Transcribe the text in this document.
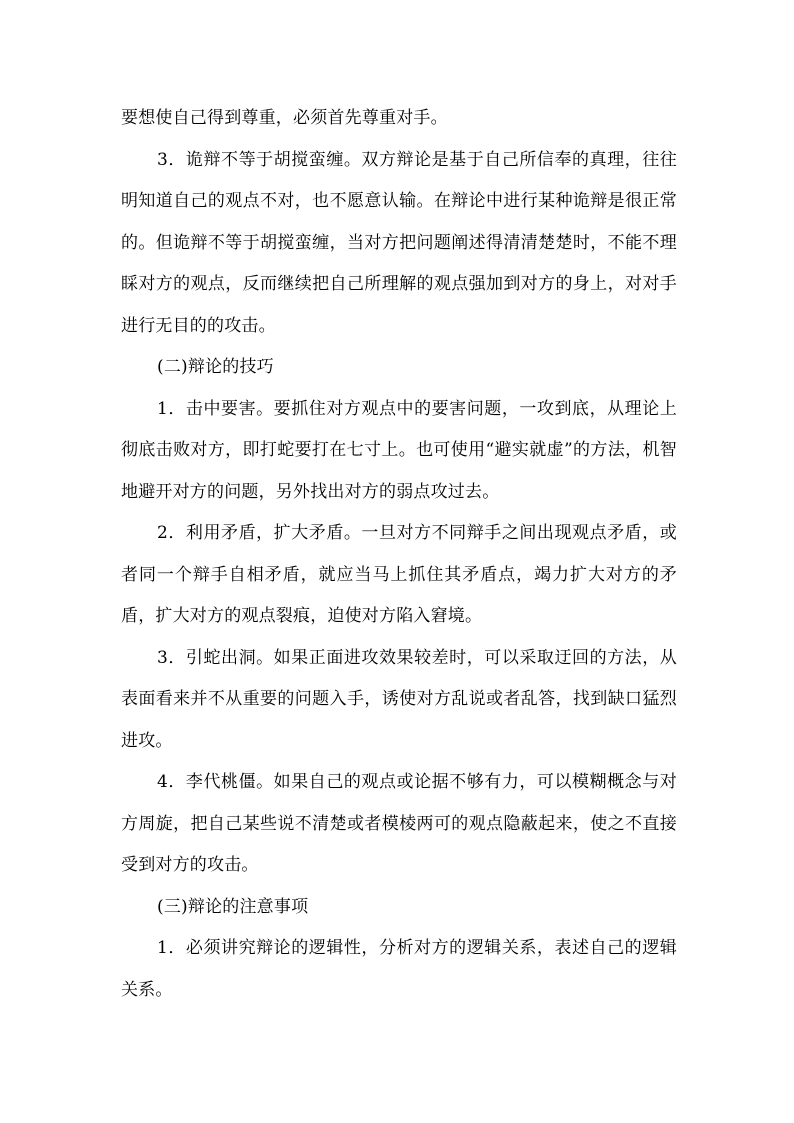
要想使自己得到尊重，必须首先尊重对手。

3．诡辩不等于胡搅蛮缠。双方辩论是基于自己所信奉的真理，往往明知道自己的观点不对，也不愿意认输。在辩论中进行某种诡辩是很正常的。但诡辩不等于胡搅蛮缠，当对方把问题阐述得清清楚楚时，不能不理睬对方的观点，反而继续把自己所理解的观点强加到对方的身上，对对手进行无目的的攻击。

(二)辩论的技巧

1．击中要害。要抓住对方观点中的要害问题，一攻到底，从理论上彻底击败对方，即打蛇要打在七寸上。也可使用“避实就虚”的方法，机智地避开对方的问题，另外找出对方的弱点攻过去。

2．利用矛盾，扩大矛盾。一旦对方不同辩手之间出现观点矛盾，或者同一个辩手自相矛盾，就应当马上抓住其矛盾点，竭力扩大对方的矛盾，扩大对方的观点裂痕，迫使对方陷入窘境。

3．引蛇出洞。如果正面进攻效果较差时，可以采取迂回的方法，从表面看来并不从重要的问题入手，诱使对方乱说或者乱答，找到缺口猛烈进攻。

4．李代桃僵。如果自己的观点或论据不够有力，可以模糊概念与对方周旋，把自己某些说不清楚或者模棱两可的观点隐蔽起来，使之不直接受到对方的攻击。

(三)辩论的注意事项

1．必须讲究辩论的逻辑性，分析对方的逻辑关系，表述自己的逻辑关系。
